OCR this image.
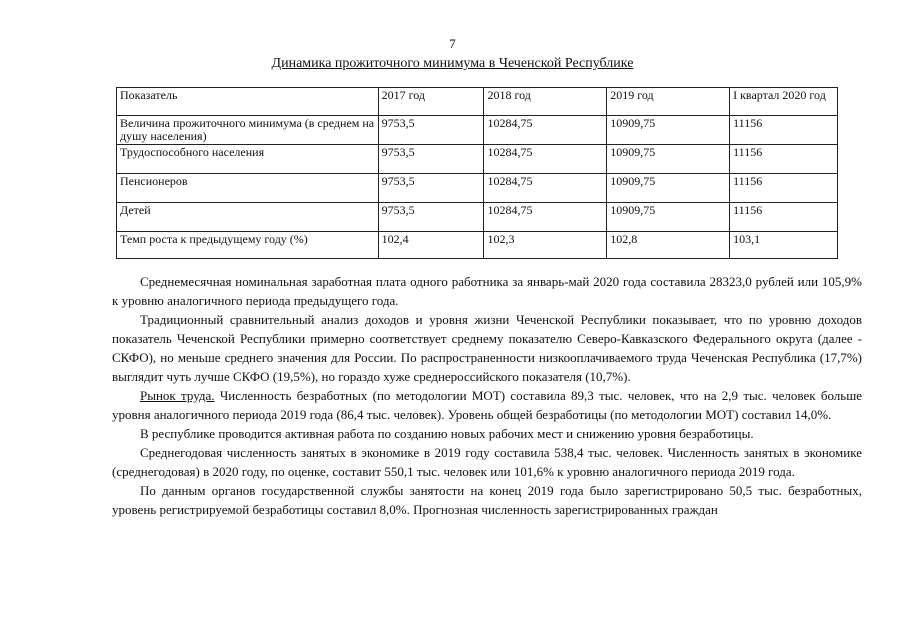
7
Динамика прожиточного минимума в Чеченской Республике
Показатель	2017 год	2018 год	2019 год	I квартал 2020 год
Величина прожиточного минимума (в среднем на душу населения)	9753,5	10284,75	10909,75	11156
Трудоспособного населения	9753,5	10284,75	10909,75	11156
Пенсионеров	9753,5	10284,75	10909,75	11156
Детей	9753,5	10284,75	10909,75	11156
Темп роста к предыдущему году (%)	102,4	102,3	102,8	103,1

Среднемесячная номинальная заработная плата одного работника за январь-май 2020 года составила 28323,0 рублей или 105,9% к уровню аналогичного периода предыдущего года.

Традиционный сравнительный анализ доходов и уровня жизни Чеченской Республики показывает, что по уровню доходов показатель Чеченской Республики примерно соответствует среднему показателю Северо-Кавказского Федерального округа (далее - СКФО), но меньше среднего значения для России. По распространенности низкооплачиваемого труда Чеченская Республика (17,7%) выглядит чуть лучше СКФО (19,5%), но гораздо хуже среднероссийского показателя (10,7%).

Рынок труда. Численность безработных (по методологии МОТ) составила 89,3 тыс. человек, что на 2,9 тыс. человек больше уровня аналогичного периода 2019 года (86,4 тыс. человек). Уровень общей безработицы (по методологии МОТ) составил 14,0%.

В республике проводится активная работа по созданию новых рабочих мест и снижению уровня безработицы.

Среднегодовая численность занятых в экономике в 2019 году составила 538,4 тыс. человек. Численность занятых в экономике (среднегодовая) в 2020 году, по оценке, составит 550,1 тыс. человек или 101,6% к уровню аналогичного периода 2019 года.

По данным органов государственной службы занятости на конец 2019 года было зарегистрировано 50,5 тыс. безработных, уровень регистрируемой безработицы составил 8,0%. Прогнозная численность зарегистрированных граждан
